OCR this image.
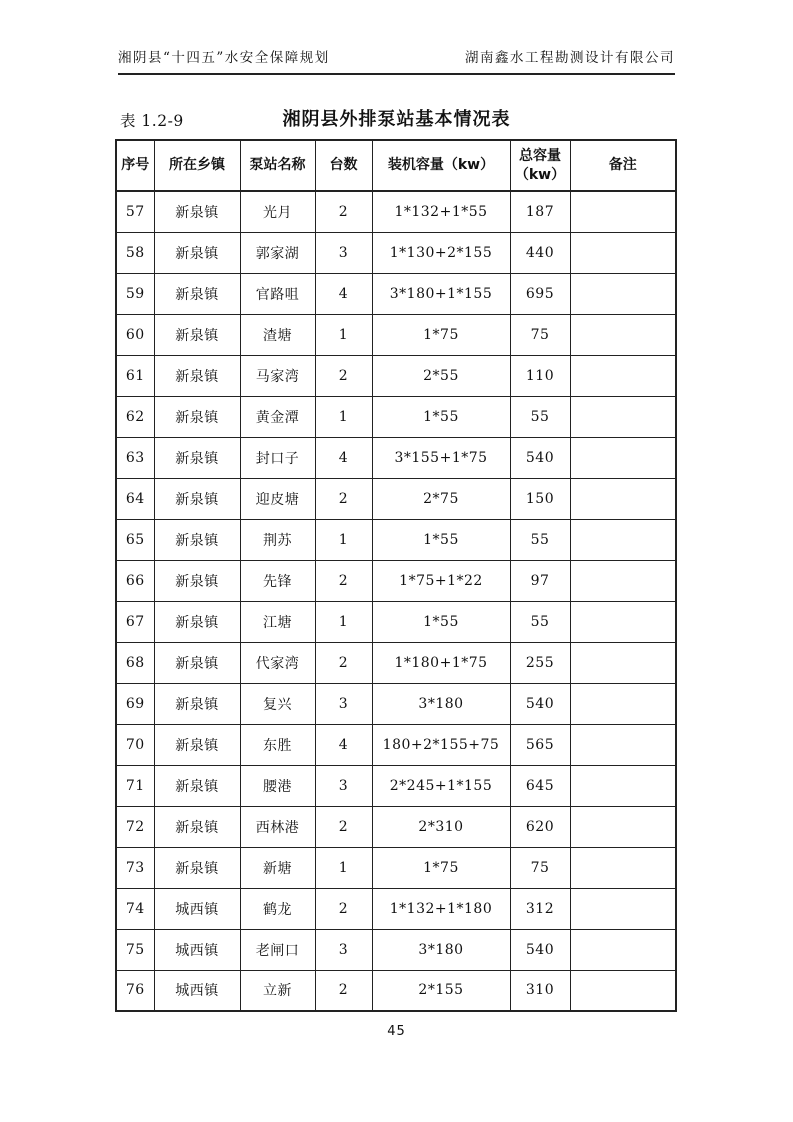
湘阴县“十四五”水安全保障规划	湖南鑫水工程勘测设计有限公司
表 1.2-9	湘阴县外排泵站基本情况表
序号	所在乡镇	泵站名称	台数	装机容量（kw）	总容量（kw）	备注
57	新泉镇	光月	2	1*132+1*55	187	
58	新泉镇	郭家湖	3	1*130+2*155	440	
59	新泉镇	官路咀	4	3*180+1*155	695	
60	新泉镇	渣塘	1	1*75	75	
61	新泉镇	马家湾	2	2*55	110	
62	新泉镇	黄金潭	1	1*55	55	
63	新泉镇	封口子	4	3*155+1*75	540	
64	新泉镇	迎皮塘	2	2*75	150	
65	新泉镇	荆苏	1	1*55	55	
66	新泉镇	先锋	2	1*75+1*22	97	
67	新泉镇	江塘	1	1*55	55	
68	新泉镇	代家湾	2	1*180+1*75	255	
69	新泉镇	复兴	3	3*180	540	
70	新泉镇	东胜	4	180+2*155+75	565	
71	新泉镇	腰港	3	2*245+1*155	645	
72	新泉镇	西林港	2	2*310	620	
73	新泉镇	新塘	1	1*75	75	
74	城西镇	鹤龙	2	1*132+1*180	312	
75	城西镇	老闸口	3	3*180	540	
76	城西镇	立新	2	2*155	310	
45
